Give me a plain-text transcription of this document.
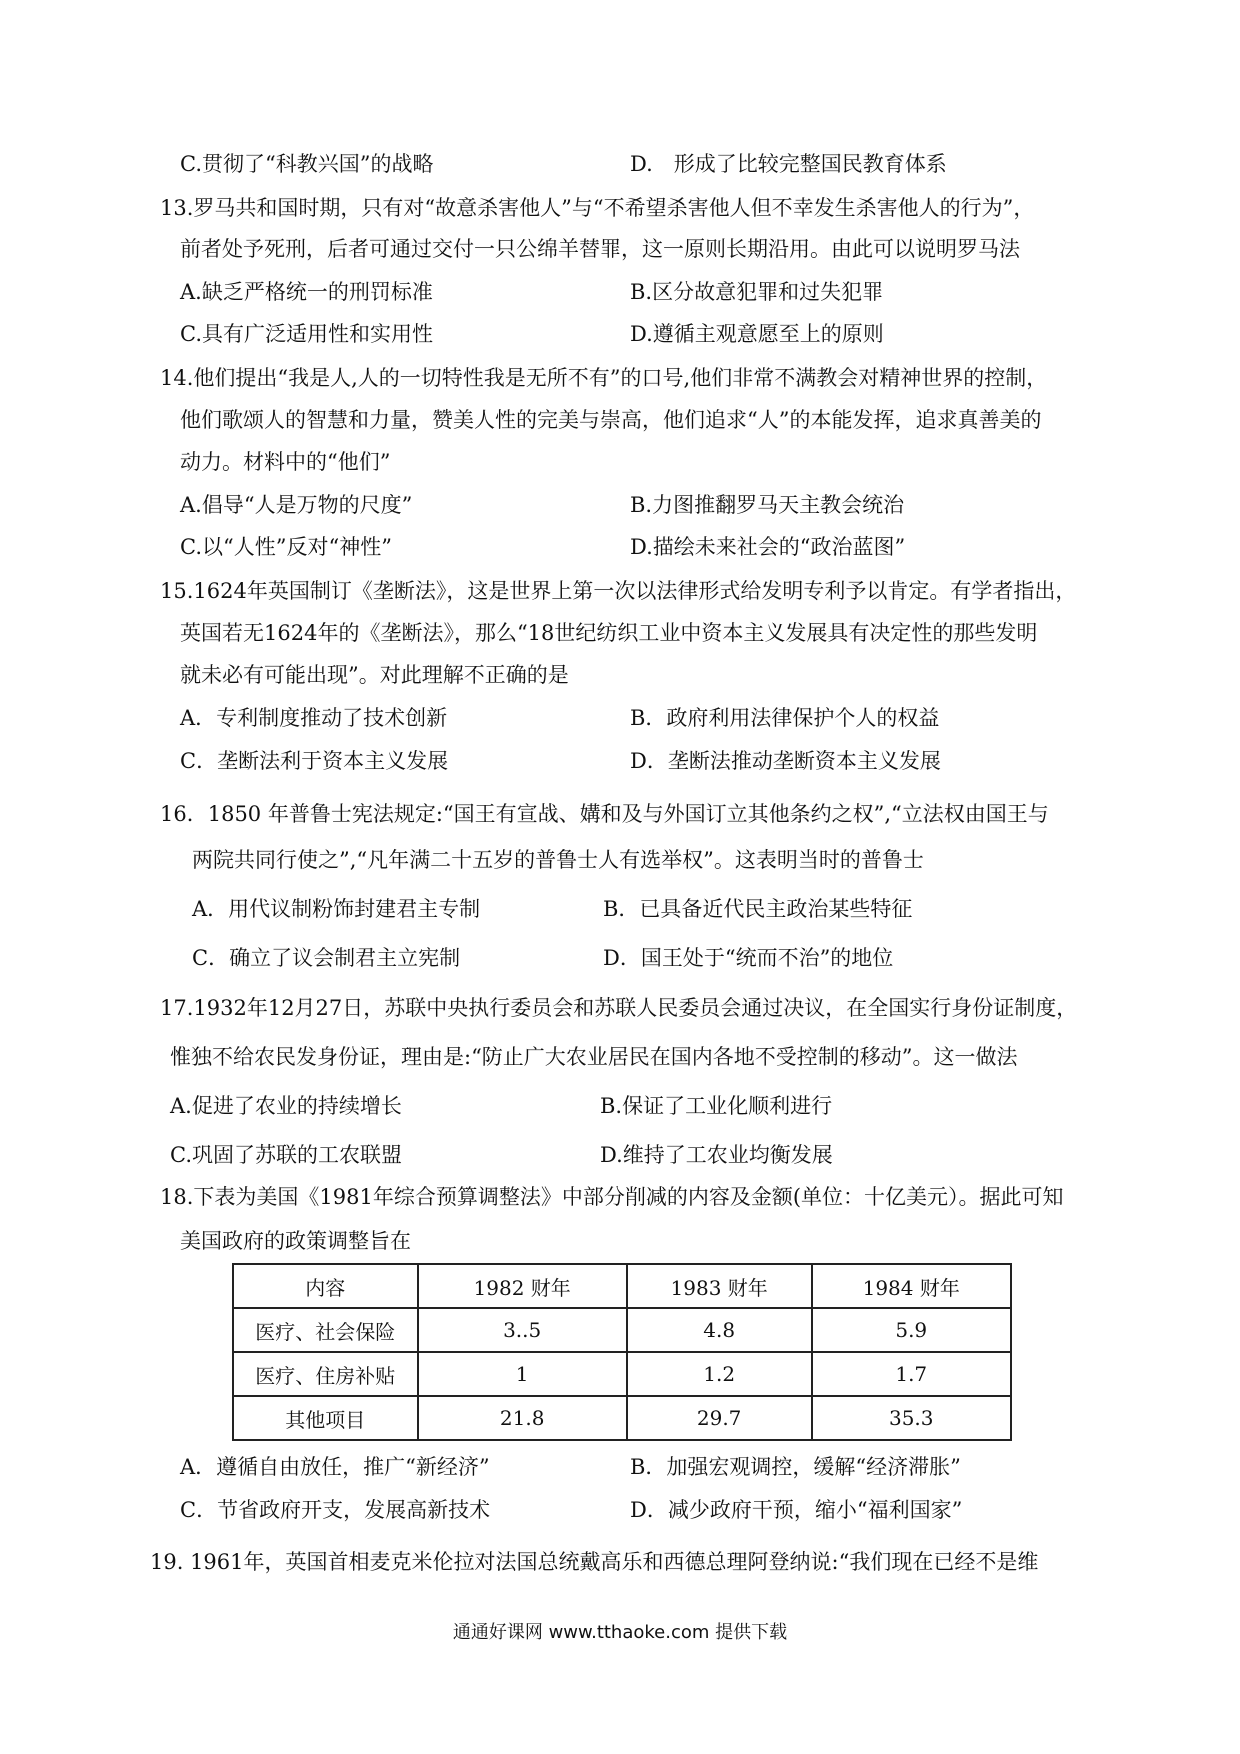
C.贯彻了“科教兴国”的战略	D.　形成了比较完整国民教育体系
13.罗马共和国时期，只有对“故意杀害他人”与“不希望杀害他人但不幸发生杀害他人的行为”，
前者处予死刑，后者可通过交付一只公绵羊替罪，这一原则长期沿用。由此可以说明罗马法
A.缺乏严格统一的刑罚标准	B.区分故意犯罪和过失犯罪
C.具有广泛适用性和实用性	D.遵循主观意愿至上的原则
14.他们提出“我是人,人的一切特性我是无所不有”的口号,他们非常不满教会对精神世界的控制，
他们歌颂人的智慧和力量，赞美人性的完美与崇高，他们追求“人”的本能发挥，追求真善美的
动力。材料中的“他们”
A.倡导“人是万物的尺度”	B.力图推翻罗马天主教会统治
C.以“人性”反对“神性”	D.描绘未来社会的“政治蓝图”
15.1624年英国制订《垄断法》，这是世界上第一次以法律形式给发明专利予以肯定。有学者指出，
英国若无1624年的《垄断法》，那么“18世纪纺织工业中资本主义发展具有决定性的那些发明
就未必有可能出现”。对此理解不正确的是
A．专利制度推动了技术创新	B．政府利用法律保护个人的权益
C．垄断法利于资本主义发展	D．垄断法推动垄断资本主义发展
16．1850 年普鲁士宪法规定:“国王有宣战、媾和及与外国订立其他条约之权”,“立法权由国王与
两院共同行使之”,“凡年满二十五岁的普鲁士人有选举权”。这表明当时的普鲁士
A．用代议制粉饰封建君主专制	B．已具备近代民主政治某些特征
C．确立了议会制君主立宪制	D．国王处于“统而不治”的地位
17.1932年12月27日，苏联中央执行委员会和苏联人民委员会通过决议，在全国实行身份证制度，
惟独不给农民发身份证，理由是:“防止广大农业居民在国内各地不受控制的移动”。这一做法
A.促进了农业的持续增长	B.保证了工业化顺利进行
C.巩固了苏联的工农联盟	D.维持了工农业均衡发展
18.下表为美国《1981年综合预算调整法》中部分削减的内容及金额(单位：十亿美元）。据此可知
美国政府的政策调整旨在
内容	1982 财年	1983 财年	1984 财年
医疗、社会保险	3..5	4.8	5.9
医疗、住房补贴	1	1.2	1.7
其他项目	21.8	29.7	35.3
A．遵循自由放任，推广“新经济”	B．加强宏观调控，缓解“经济滞胀”
C．节省政府开支，发展高新技术	D．减少政府干预，缩小“福利国家”
19. 1961年，英国首相麦克米伦拉对法国总统戴高乐和西德总理阿登纳说:“我们现在已经不是维
通通好课网 www.tthaoke.com 提供下载
